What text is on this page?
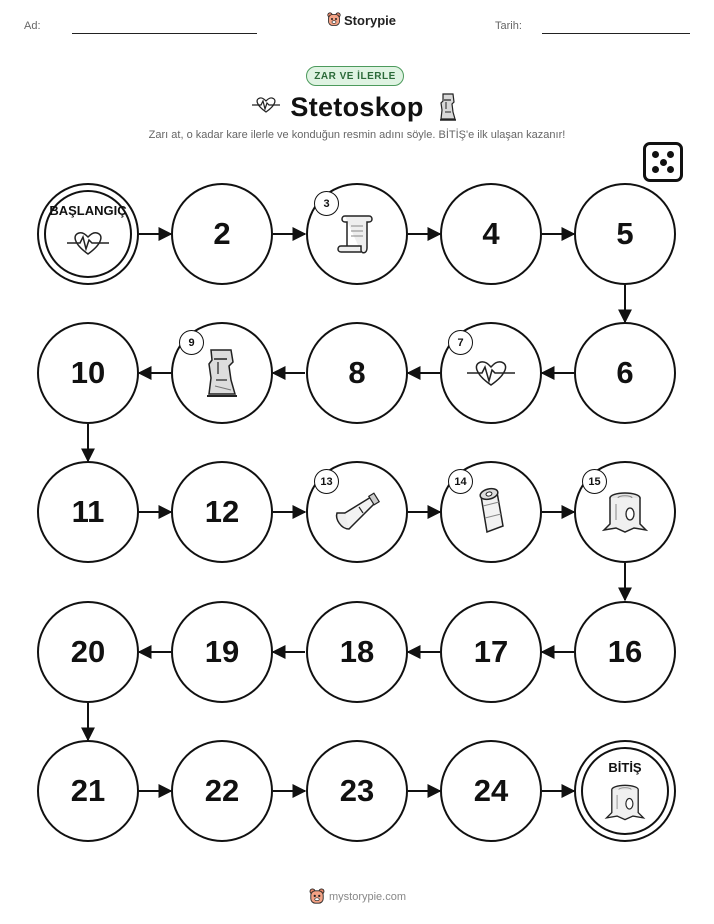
Ad:	Storypie	Tarih:
ZAR VE İLERLE
Stetoskop
Zarı at, o kadar kare ilerle ve konduğun resmin adını söyle. BİTİŞ'e ilk ulaşan kazanır!
BAŞLANGIÇ
2
3
4	5
10
9
8
7
6
11	12
13	14	15
20	19	18	17	16
21	22	23	24
BİTİŞ
mystorypie.com
